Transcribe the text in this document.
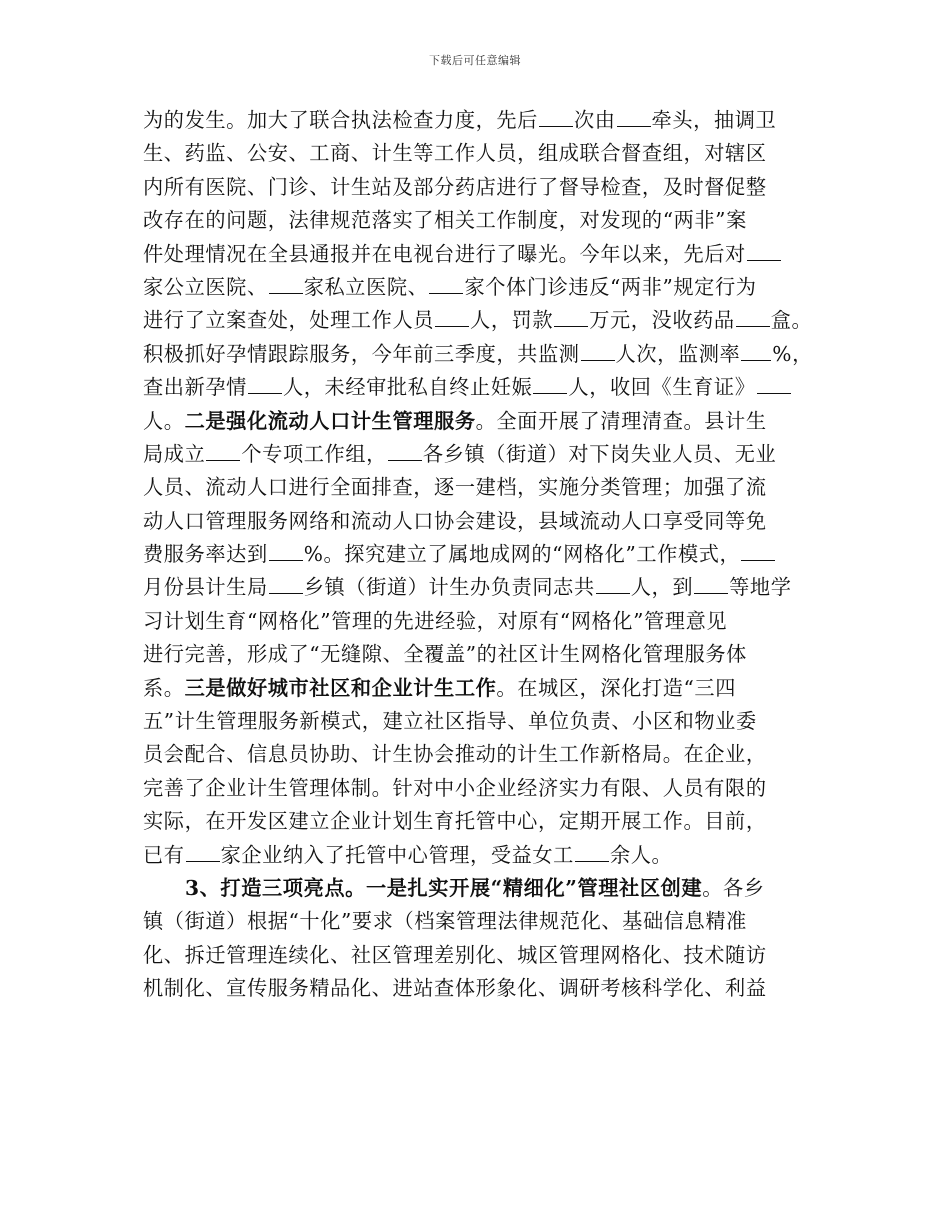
下载后可任意编辑
为的发生。加大了联合执法检查力度，先后 次由 牵头，抽调卫
生、药监、公安、工商、计生等工作人员，组成联合督查组，对辖区
内所有医院、门诊、计生站及部分药店进行了督导检查，及时督促整
改存在的问题，法律规范落实了相关工作制度，对发现的“两非”案
件处理情况在全县通报并在电视台进行了曝光。今年以来，先后对
家公立医院、 家私立医院、 家个体门诊违反“两非”规定行为
进行了立案查处，处理工作人员 人，罚款 万元，没收药品 盒。
积极抓好孕情跟踪服务，今年前三季度，共监测 人次，监测率 %，
查出新孕情 人，未经审批私自终止妊娠 人，收回《生育证》
人。二是强化流动人口计生管理服务。全面开展了清理清查。县计生
局成立 个专项工作组， 各乡镇（街道）对下岗失业人员、无业
人员、流动人口进行全面排查，逐一建档，实施分类管理；加强了流
动人口管理服务网络和流动人口协会建设，县域流动人口享受同等免
费服务率达到 %。探究建立了属地成网的“网格化”工作模式，
月份县计生局 乡镇（街道）计生办负责同志共 人，到 等地学
习计划生育“网格化”管理的先进经验，对原有“网格化”管理意见
进行完善，形成了“无缝隙、全覆盖”的社区计生网格化管理服务体
系。三是做好城市社区和企业计生工作。在城区，深化打造“三四
五”计生管理服务新模式，建立社区指导、单位负责、小区和物业委
员会配合、信息员协助、计生协会推动的计生工作新格局。在企业，
完善了企业计生管理体制。针对中小企业经济实力有限、人员有限的
实际，在开发区建立企业计划生育托管中心，定期开展工作。目前，
已有 家企业纳入了托管中心管理，受益女工 余人。
3、打造三项亮点。一是扎实开展“精细化”管理社区创建。各乡
镇（街道）根据“十化”要求（档案管理法律规范化、基础信息精准
化、拆迁管理连续化、社区管理差别化、城区管理网格化、技术随访
机制化、宣传服务精品化、进站查体形象化、调研考核科学化、利益
